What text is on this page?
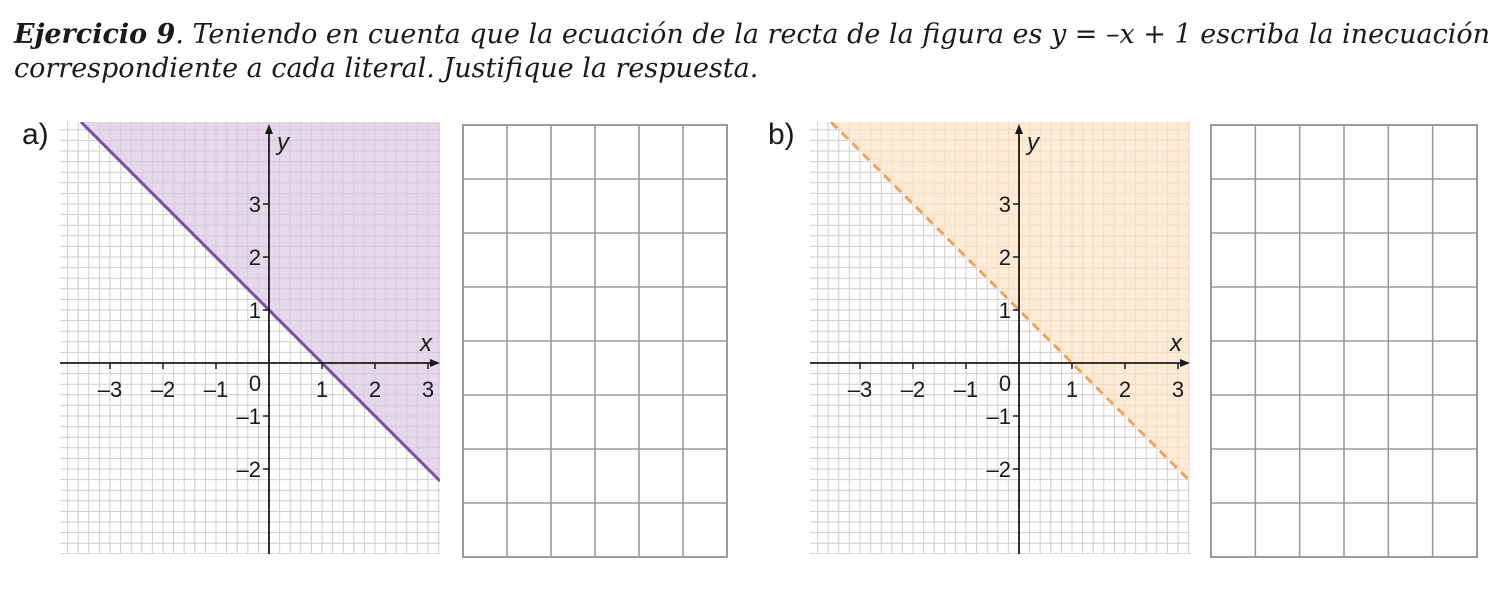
Ejercicio 9. Teniendo en cuenta que la ecuación de la recta de la figura es y = –x + 1 escriba la inecuación
correspondiente a cada literal. Justifique la respuesta.
a)	b)
x
y
–3 –2 –1	1 2 3
0
3
2
1
–1
–2
x
y
–3 –2 –1	1 2 3
0
3
2
1
–1
–2
